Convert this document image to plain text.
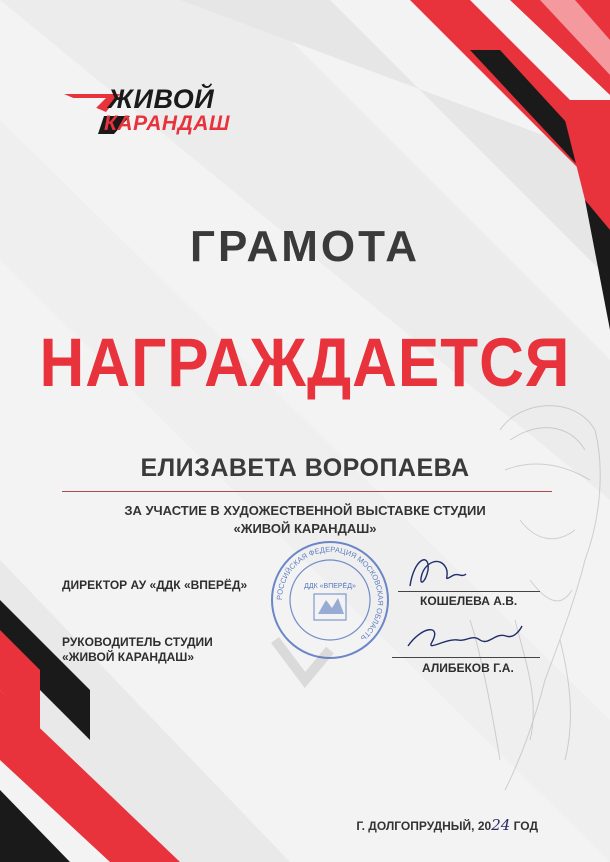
ЖИВОЙ
КАРАНДАШ
ГРАМОТА
НАГРАЖДАЕТСЯ
ЕЛИЗАВЕТА ВОРОПАЕВА
ЗА УЧАСТИЕ В ХУДОЖЕСТВЕННОЙ ВЫСТАВКЕ СТУДИИ
«ЖИВОЙ КАРАНДАШ»
РОССИЙСКАЯ ФЕДЕРАЦИЯ МОСКОВСКАЯ ОБЛАСТЬ
ДДК «ВПЕРЁД»
ДИРЕКТОР АУ «ДДК «ВПЕРЁД»
КОШЕЛЕВА А.В.
РУКОВОДИТЕЛЬ СТУДИИ
«ЖИВОЙ КАРАНДАШ»
АЛИБЕКОВ Г.А.
Г. ДОЛГОПРУДНЫЙ, 2024 ГОД
